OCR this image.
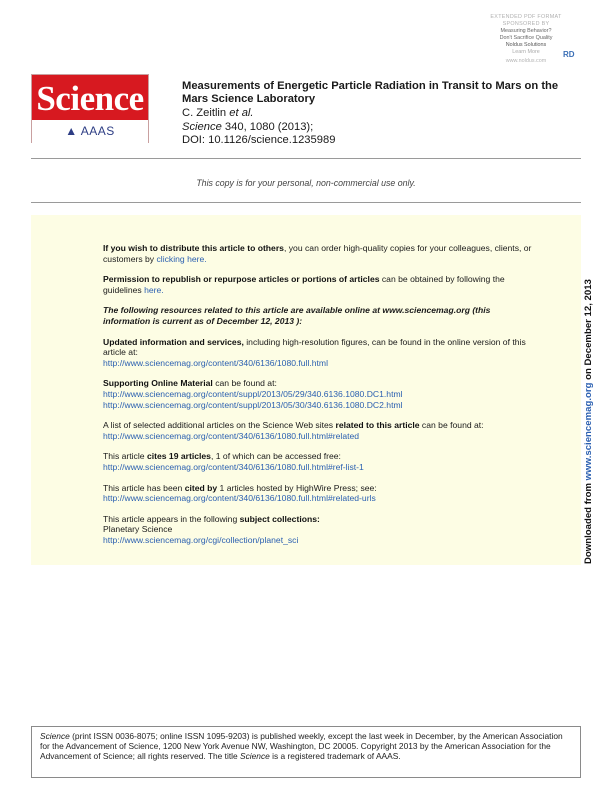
EXTENDED PDF FORMAT
SPONSORED BY
Measuring Behavior?
Don't Sacrifice Quality
Noldus Solutions
Learn More
www.noldus.com
RD
Science
▲ AAAS
Measurements of Energetic Particle Radiation in Transit to Mars on the Mars Science Laboratory
C. Zeitlin et al.
Science 340, 1080 (2013);
DOI: 10.1126/science.1235989
This copy is for your personal, non-commercial use only.
If you wish to distribute this article to others, you can order high-quality copies for your colleagues, clients, or customers by clicking here.
Permission to republish or repurpose articles or portions of articles can be obtained by following the guidelines here.
The following resources related to this article are available online at www.sciencemag.org (this information is current as of December 12, 2013 ):
Updated information and services, including high-resolution figures, can be found in the online version of this article at:
http://www.sciencemag.org/content/340/6136/1080.full.html
Supporting Online Material can be found at:
http://www.sciencemag.org/content/suppl/2013/05/29/340.6136.1080.DC1.html
http://www.sciencemag.org/content/suppl/2013/05/30/340.6136.1080.DC2.html
A list of selected additional articles on the Science Web sites related to this article can be found at:
http://www.sciencemag.org/content/340/6136/1080.full.html#related
This article cites 19 articles, 1 of which can be accessed free:
http://www.sciencemag.org/content/340/6136/1080.full.html#ref-list-1
This article has been cited by 1 articles hosted by HighWire Press; see:
http://www.sciencemag.org/content/340/6136/1080.full.html#related-urls
This article appears in the following subject collections:
Planetary Science
http://www.sciencemag.org/cgi/collection/planet_sci	Downloaded from www.sciencemag.org on December 12, 2013
Science (print ISSN 0036-8075; online ISSN 1095-9203) is published weekly, except the last week in December, by the American Association for the Advancement of Science, 1200 New York Avenue NW, Washington, DC 20005. Copyright 2013 by the American Association for the Advancement of Science; all rights reserved. The title Science is a registered trademark of AAAS.
